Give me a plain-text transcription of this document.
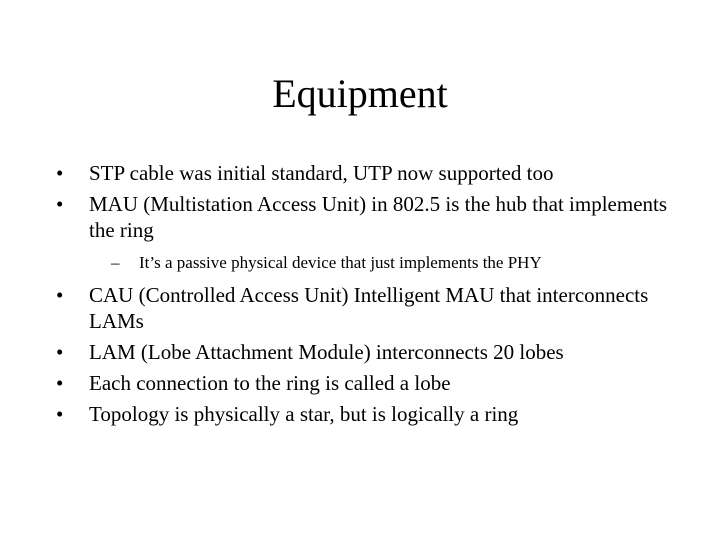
Equipment
•	STP cable was initial standard, UTP now supported too
•	MAU (Multistation Access Unit) in 802.5 is the hub that implements the ring
– It’s a passive physical device that just implements the PHY
•	CAU (Controlled Access Unit) Intelligent MAU that interconnects LAMs
•	LAM (Lobe Attachment Module) interconnects 20 lobes
•	Each connection to the ring is called a lobe
•	Topology is physically a star, but is logically a ring
